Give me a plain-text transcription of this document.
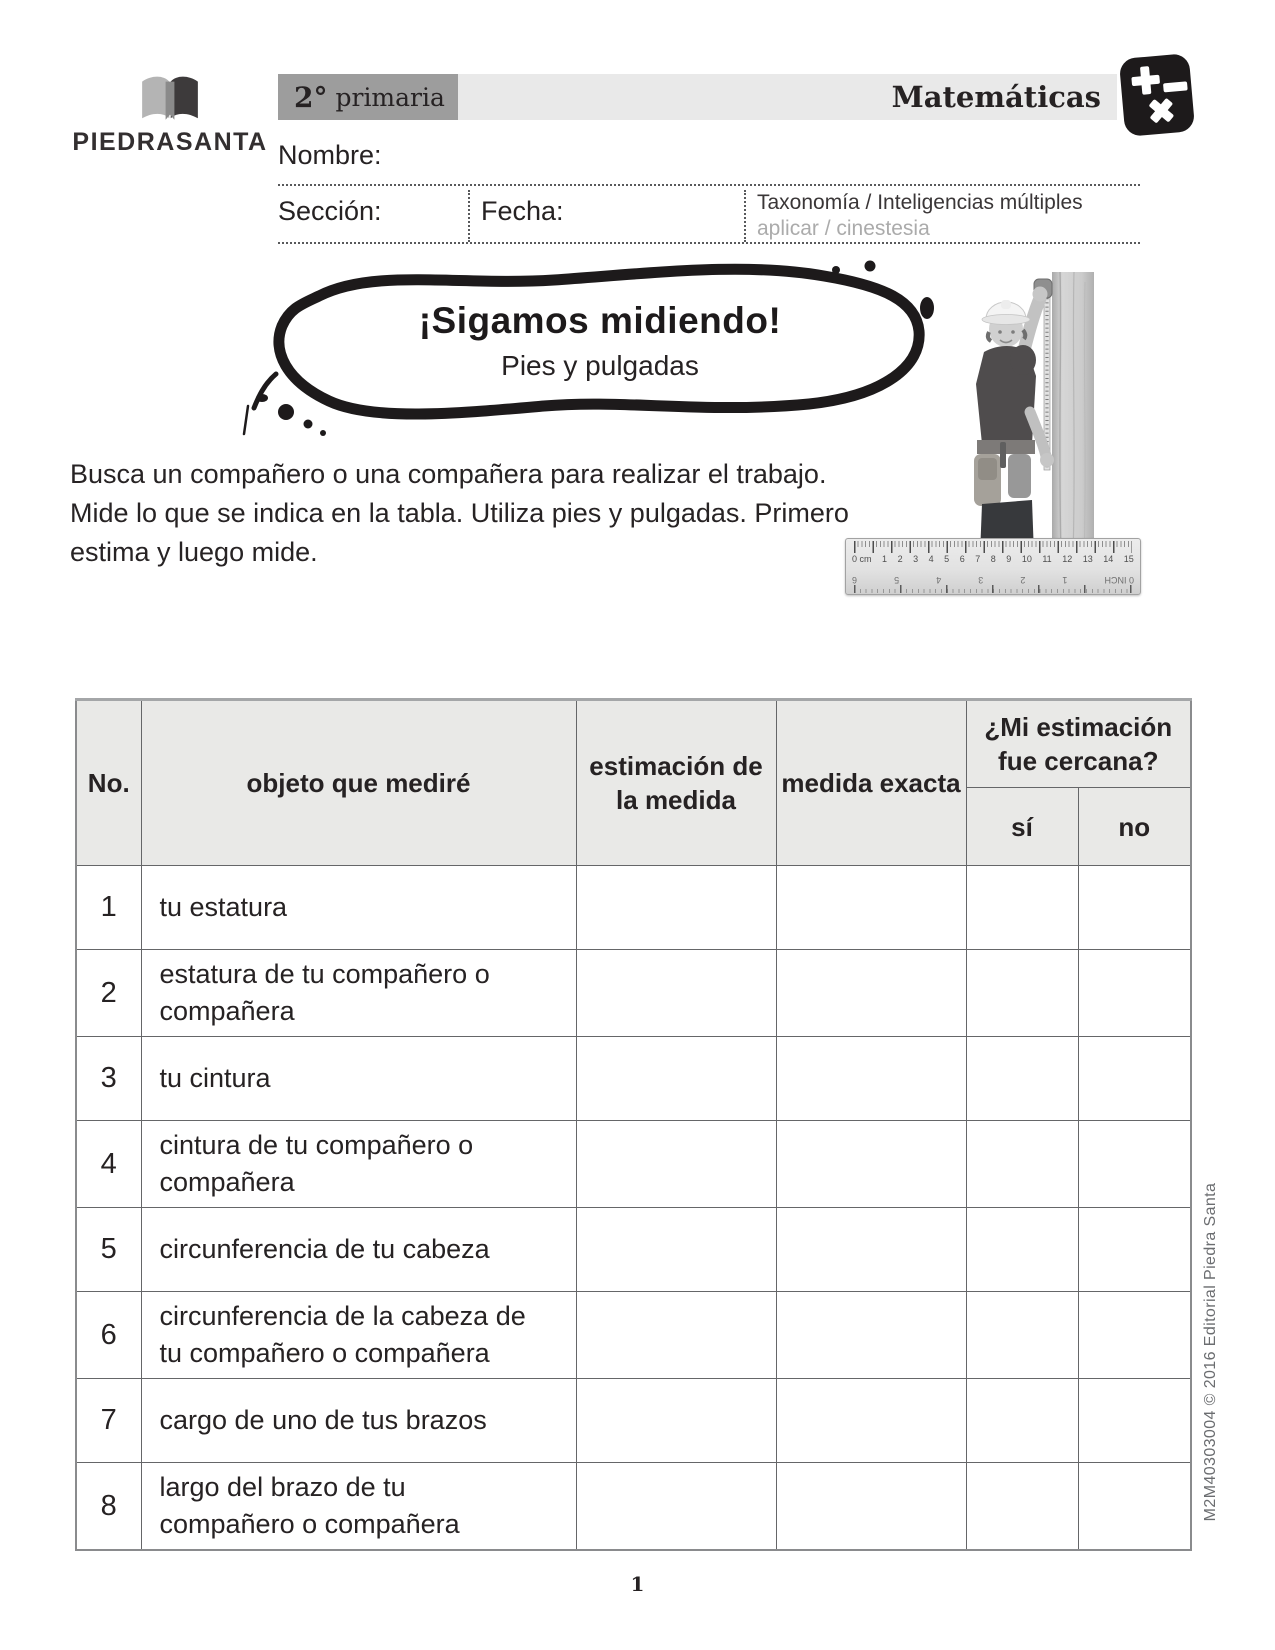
PIEDRASANTA
2° primaria	Matemáticas
Nombre:
Sección:	Fecha:	Taxonomía / Inteligencias múltiples
aplicar / cinestesia
¡Sigamos midiendo!
Pies y pulgadas
0 cm 1 2 3 4 5 6 7 8 9 10 11 12 13 14 15
0 INCH
1
2
3
4
5
6
Busca un compañero o una compañera para realizar el trabajo. Mide lo que se indica en la tabla. Utiliza pies y pulgadas. Primero estima y luego mide.
No.	objeto que mediré	estimación de la medida	medida exacta	¿Mi estimación fue cercana?	
				sí	no
1	tu estatura				
2	estatura de tu compañero o compañera				
3	tu cintura				
4	cintura de tu compañero o compañera				
5	circunferencia de tu cabeza				
6	circunferencia de la cabeza de tu compañero o compañera				
7	cargo de uno de tus brazos				
8	largo del brazo de tu compañero o compañera				
1
M2M40303004 © 2016 Editorial Piedra Santa
